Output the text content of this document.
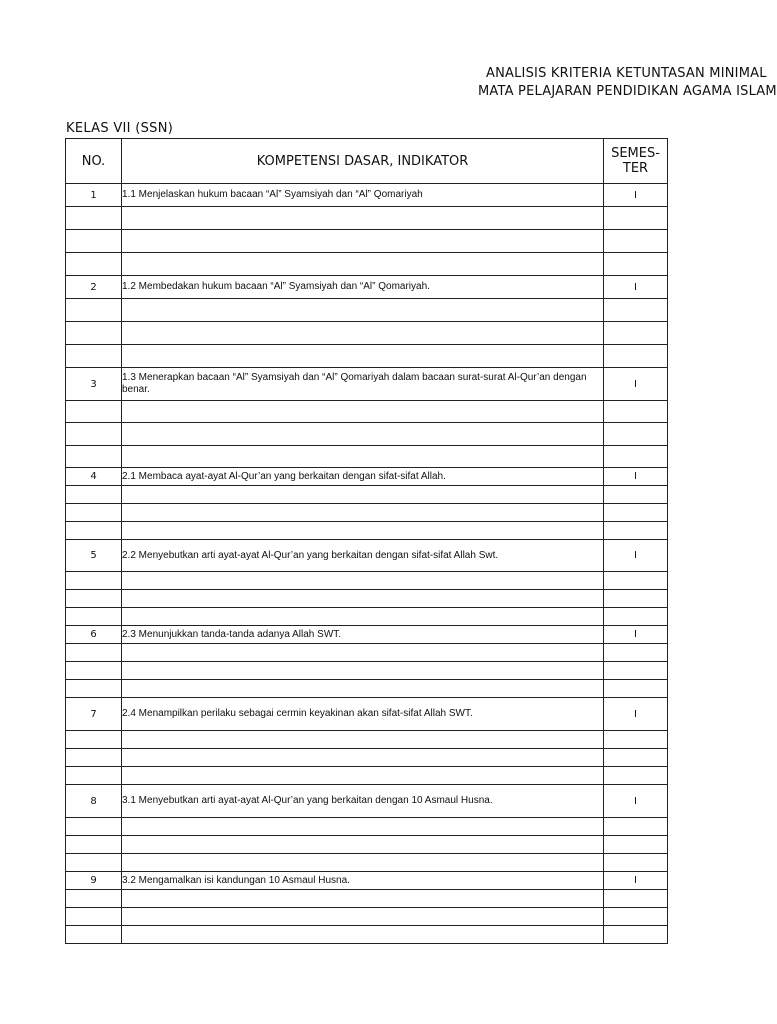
ANALISIS KRITERIA KETUNTASAN MINIMAL
MATA PELAJARAN PENDIDIKAN AGAMA ISLAM
KELAS VII (SSN)
NO.	KOMPETENSI DASAR, INDIKATOR	SEMES-
TER
1	1.1 Menjelaskan hukum bacaan “Al” Syamsiyah dan “Al” Qomariyah	I

2	1.2 Membedakan hukum bacaan “Al” Syamsiyah dan “Al” Qomariyah.	I

3	1.3 Menerapkan bacaan “Al” Syamsiyah dan “Al” Qomariyah dalam bacaan surat-surat Al-Qur’an dengan benar.	I

4	2.1 Membaca ayat-ayat Al-Qur’an yang berkaitan dengan sifat-sifat Allah.	I

5	2.2 Menyebutkan arti ayat-ayat Al-Qur’an yang berkaitan dengan sifat-sifat Allah Swt.	I

6	2.3 Menunjukkan tanda-tanda adanya Allah SWT.	I

7	2.4 Menampilkan perilaku sebagai cermin keyakinan akan sifat-sifat Allah SWT.	I

8	3.1 Menyebutkan arti ayat-ayat Al-Qur’an yang berkaitan dengan 10 Asmaul Husna.	I

9	3.2 Mengamalkan isi kandungan 10 Asmaul Husna.	I
